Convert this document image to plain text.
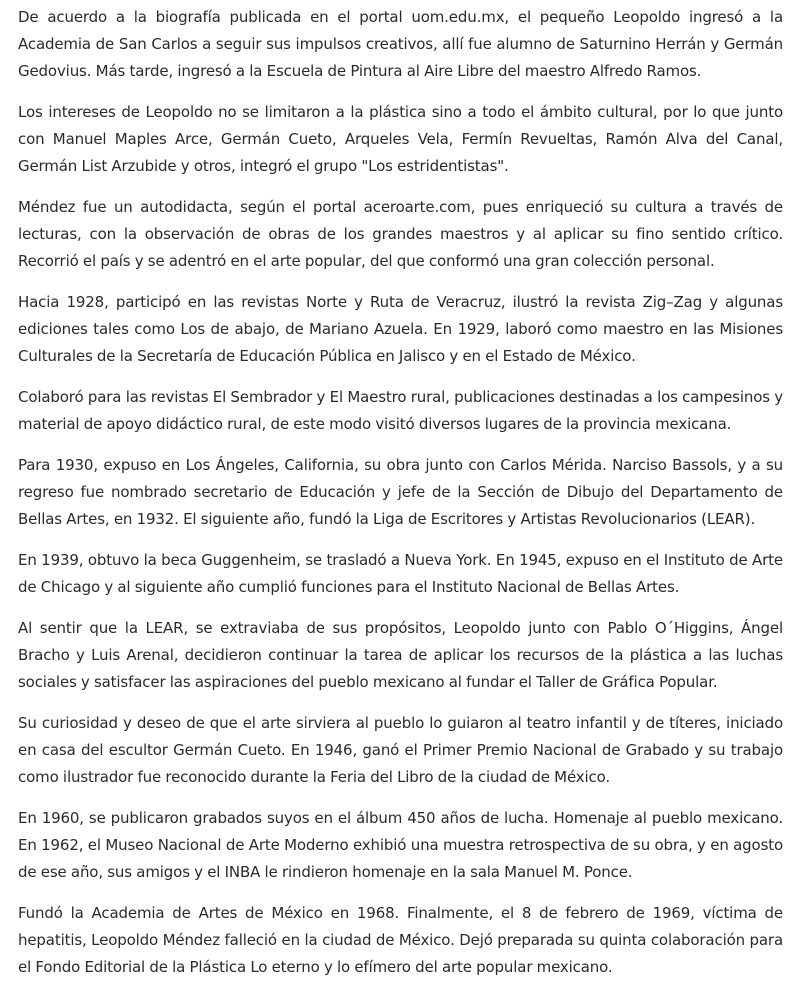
De acuerdo a la biografía publicada en el portal uom.edu.mx, el pequeño Leopoldo ingresó a la Academia de San Carlos a seguir sus impulsos creativos, allí fue alumno de Saturnino Herrán y Germán Gedovius. Más tarde, ingresó a la Escuela de Pintura al Aire Libre del maestro Alfredo Ramos.

Los intereses de Leopoldo no se limitaron a la plástica sino a todo el ámbito cultural, por lo que junto con Manuel Maples Arce, Germán Cueto, Arqueles Vela, Fermín Revueltas, Ramón Alva del Canal, Germán List Arzubide y otros, integró el grupo "Los estridentistas".

Méndez fue un autodidacta, según el portal aceroarte.com, pues enriqueció su cultura a través de lecturas, con la observación de obras de los grandes maestros y al aplicar su fino sentido crítico. Recorrió el país y se adentró en el arte popular, del que conformó una gran colección personal.

Hacia 1928, participó en las revistas Norte y Ruta de Veracruz, ilustró la revista Zig–Zag y algunas ediciones tales como Los de abajo, de Mariano Azuela. En 1929, laboró como maestro en las Misiones Culturales de la Secretaría de Educación Pública en Jalisco y en el Estado de México.

Colaboró para las revistas El Sembrador y El Maestro rural, publicaciones destinadas a los campesinos y material de apoyo didáctico rural, de este modo visitó diversos lugares de la provincia mexicana.

Para 1930, expuso en Los Ángeles, California, su obra junto con Carlos Mérida. Narciso Bassols, y a su regreso fue nombrado secretario de Educación y jefe de la Sección de Dibujo del Departamento de Bellas Artes, en 1932. El siguiente año, fundó la Liga de Escritores y Artistas Revolucionarios (LEAR).

En 1939, obtuvo la beca Guggenheim, se trasladó a Nueva York. En 1945, expuso en el Instituto de Arte de Chicago y al siguiente año cumplió funciones para el Instituto Nacional de Bellas Artes.

Al sentir que la LEAR, se extraviaba de sus propósitos, Leopoldo junto con Pablo O´Higgins, Ángel Bracho y Luis Arenal, decidieron continuar la tarea de aplicar los recursos de la plástica a las luchas sociales y satisfacer las aspiraciones del pueblo mexicano al fundar el Taller de Gráfica Popular.

Su curiosidad y deseo de que el arte sirviera al pueblo lo guiaron al teatro infantil y de títeres, iniciado en casa del escultor Germán Cueto. En 1946, ganó el Primer Premio Nacional de Grabado y su trabajo como ilustrador fue reconocido durante la Feria del Libro de la ciudad de México.

En 1960, se publicaron grabados suyos en el álbum 450 años de lucha. Homenaje al pueblo mexicano. En 1962, el Museo Nacional de Arte Moderno exhibió una muestra retrospectiva de su obra, y en agosto de ese año, sus amigos y el INBA le rindieron homenaje en la sala Manuel M. Ponce.

Fundó la Academia de Artes de México en 1968. Finalmente, el 8 de febrero de 1969, víctima de hepatitis, Leopoldo Méndez falleció en la ciudad de México. Dejó preparada su quinta colaboración para el Fondo Editorial de la Plástica Lo eterno y lo efímero del arte popular mexicano.
